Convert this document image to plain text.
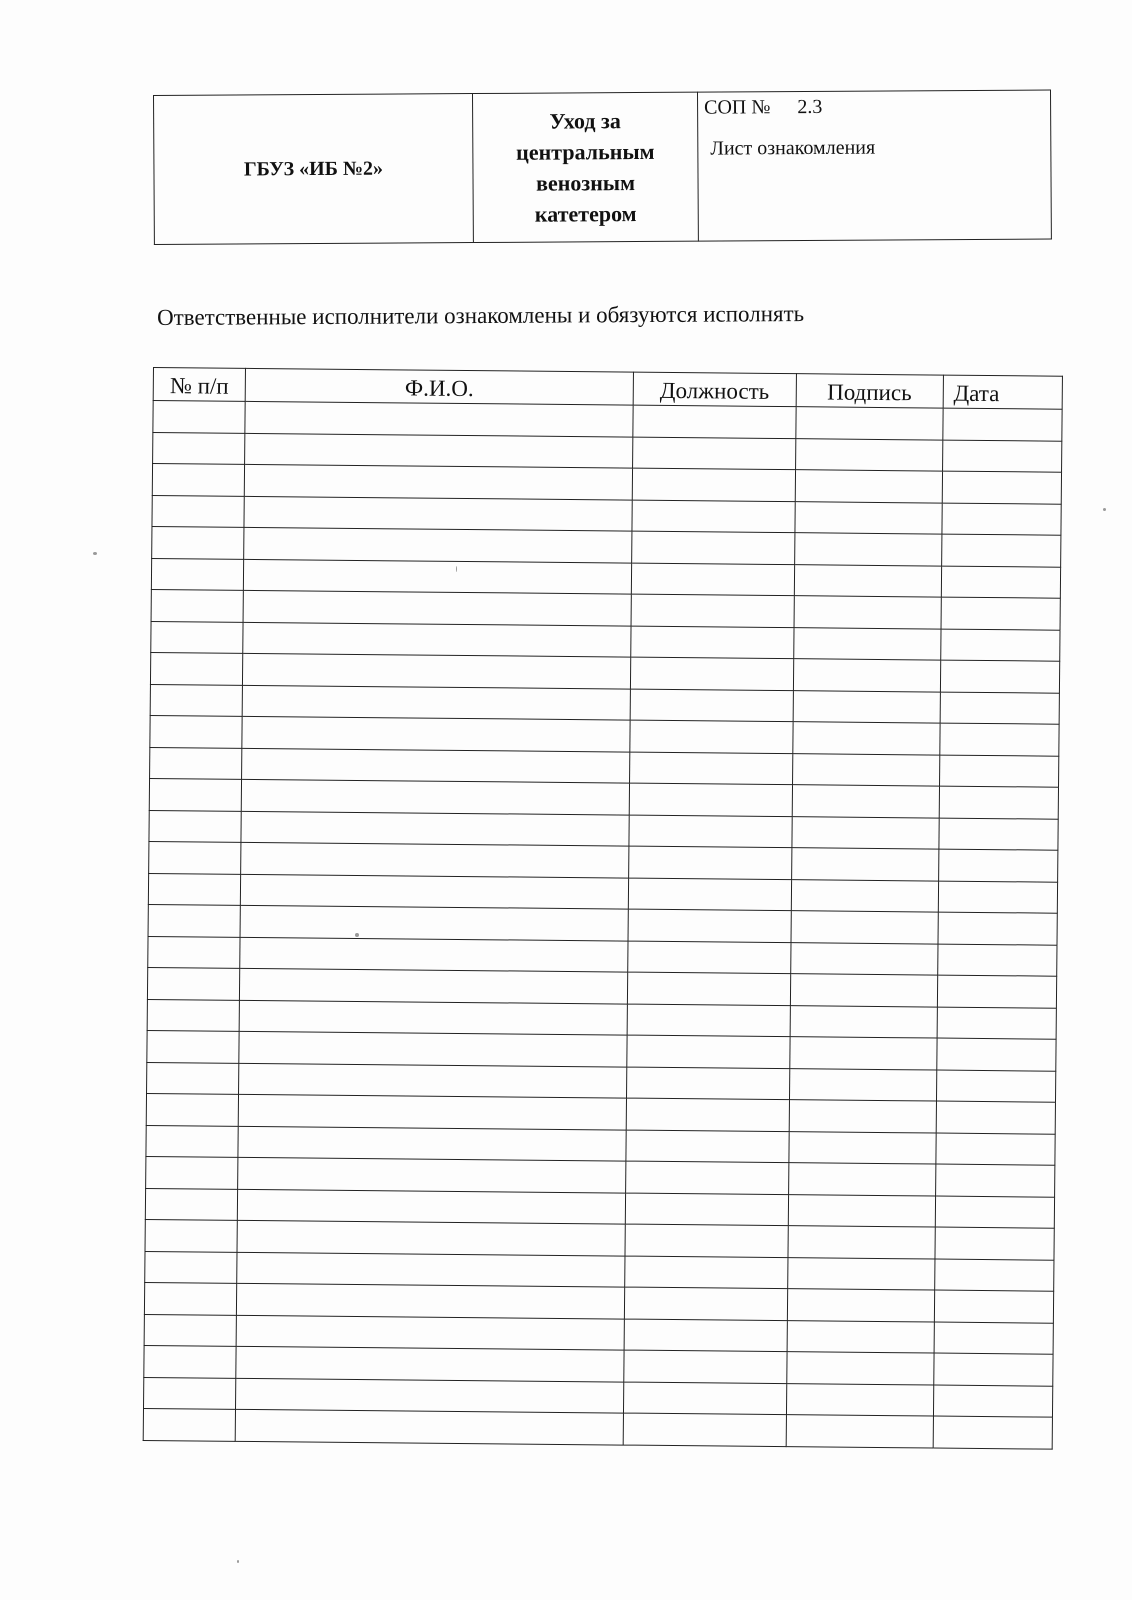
ГБУЗ «ИБ №2»	
Уход за
центральным
венозным
катетером

СОП № 2.3
Лист ознакомления
Ответственные исполнители ознакомлены и обязуются исполнять
№ п/п	Ф.И.О.	Должность	Подпись	Дата
